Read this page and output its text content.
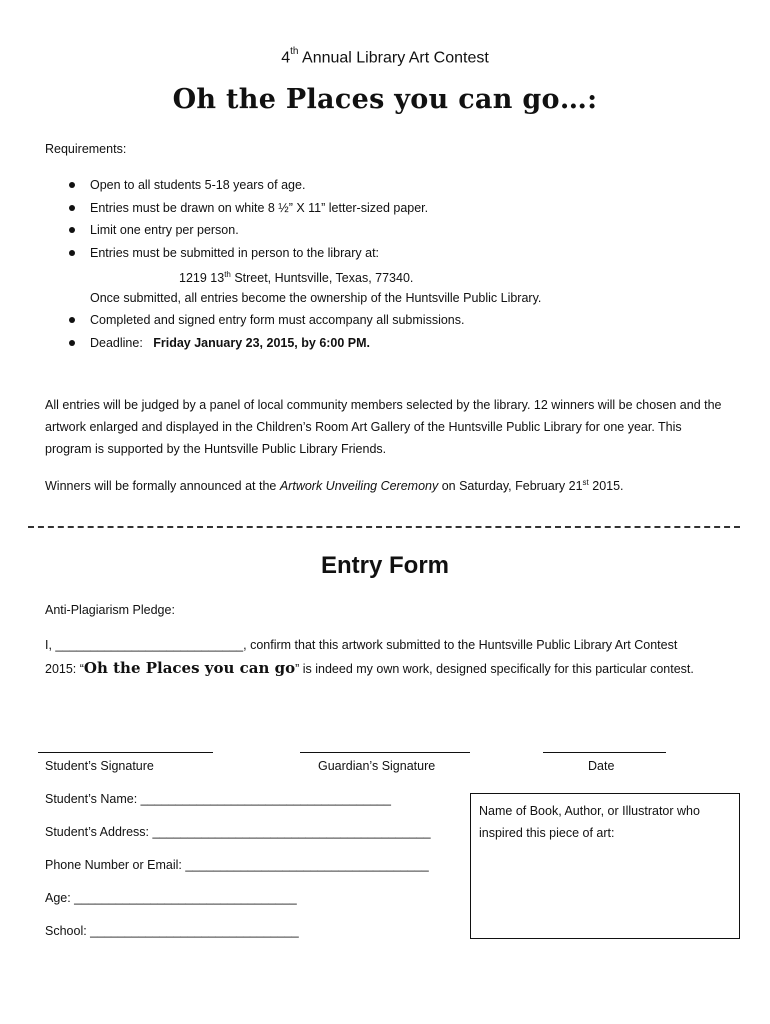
4th Annual Library Art Contest
Oh the Places you can go…:
Requirements:
Open to all students 5-18 years of age.
Entries must be drawn on white 8 ½” X 11” letter-sized paper.
Limit one entry per person.
Entries must be submitted in person to the library at:
1219 13th Street, Huntsville, Texas, 77340.
Once submitted, all entries become the ownership of the Huntsville Public Library.
Completed and signed entry form must accompany all submissions.
Deadline: Friday January 23, 2015, by 6:00 PM.
All entries will be judged by a panel of local community members selected by the library. 12 winners will be chosen and the artwork enlarged and displayed in the Children’s Room Art Gallery of the Huntsville Public Library for one year. This program is supported by the Huntsville Public Library Friends.
Winners will be formally announced at the Artwork Unveiling Ceremony on Saturday, February 21st 2015.
Entry Form
Anti-Plagiarism Pledge:
I, ___________________________, confirm that this artwork submitted to the Huntsville Public Library Art Contest
2015: “Oh the Places you can go” is indeed my own work, designed specifically for this particular contest.
Student’s Signature	Guardian’s Signature	Date
Student’s Name: ____________________________________
Student’s Address: ________________________________________
Phone Number or Email: ___________________________________
Age: ________________________________
School: ______________________________
Name of Book, Author, or Illustrator who inspired this piece of art:
